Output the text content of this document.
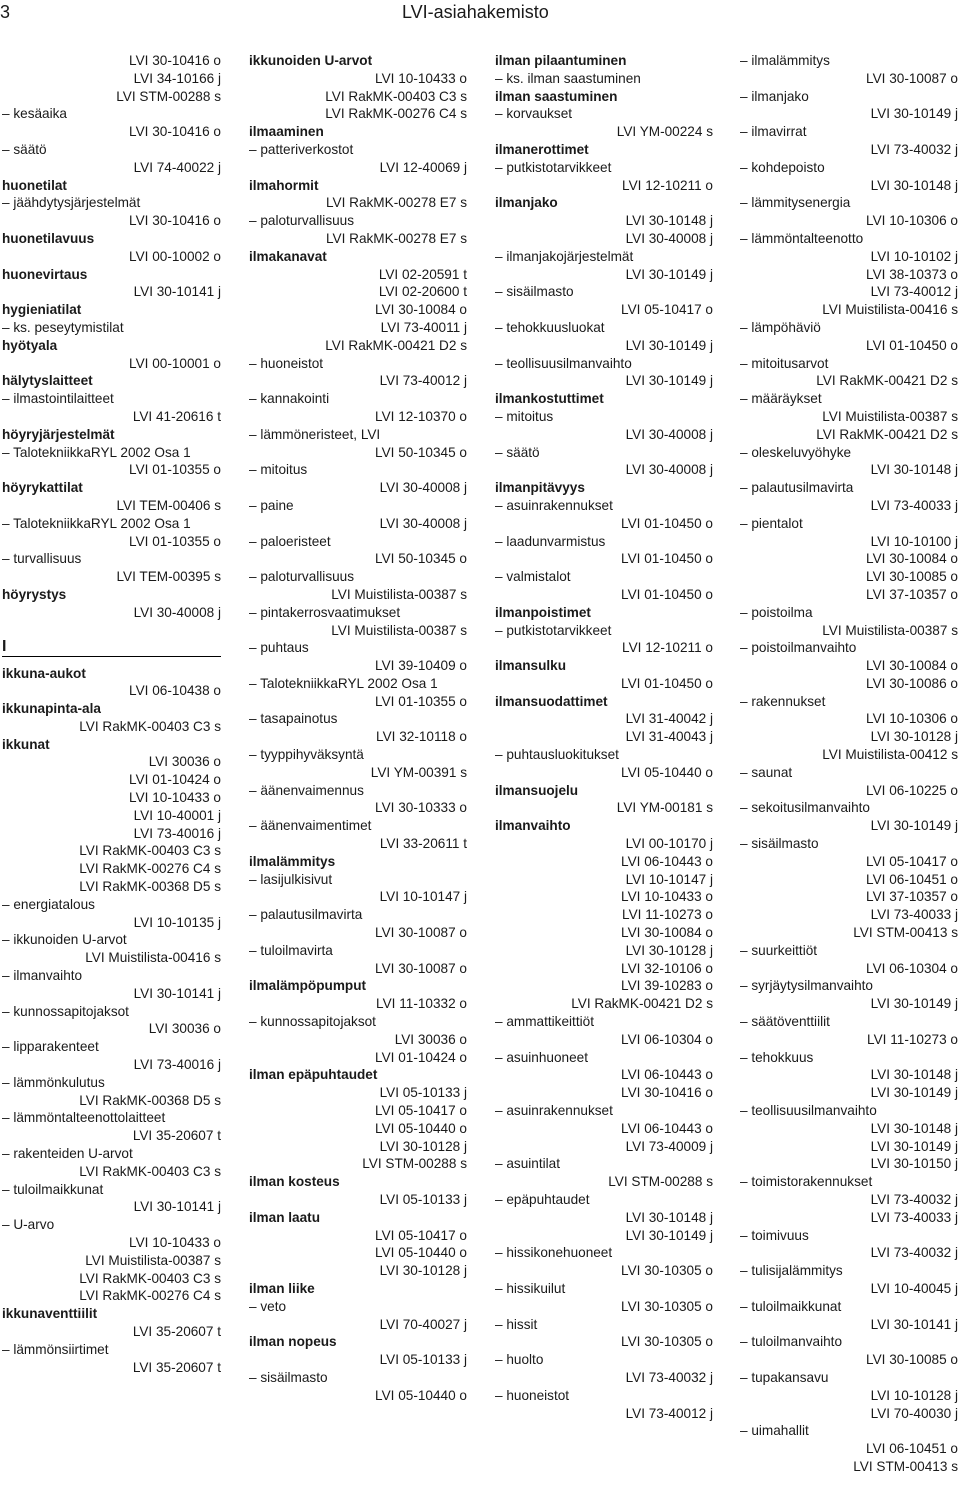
3	LVI-asiahakemisto
LVI 30-10416 o
LVI 34-10166 j
LVI STM-00288 s
– kesäaika
LVI 30-10416 o
– säätö
LVI 74-40022 j
huonetilat
– jäähdytysjärjestelmät
LVI 30-10416 o
huonetilavuus
LVI 00-10002 o
huonevirtaus
LVI 30-10141 j
hygieniatilat
– ks. peseytymistilat
hyötyala
LVI 00-10001 o
hälytyslaitteet
– ilmastointilaitteet
LVI 41-20616 t
höyryjärjestelmät
– TalotekniikkaRYL 2002 Osa 1
LVI 01-10355 o
höyrykattilat
LVI TEM-00406 s
– TalotekniikkaRYL 2002 Osa 1
LVI 01-10355 o
– turvallisuus
LVI TEM-00395 s
höyrystys
LVI 30-40008 j
I
ikkuna-aukot
LVI 06-10438 o
ikkunapinta-ala
LVI RakMK-00403 C3 s
ikkunat
LVI 30036 o
LVI 01-10424 o
LVI 10-10433 o
LVI 10-40001 j
LVI 73-40016 j
LVI RakMK-00403 C3 s
LVI RakMK-00276 C4 s
LVI RakMK-00368 D5 s
– energiatalous
LVI 10-10135 j
– ikkunoiden U-arvot
LVI Muistilista-00416 s
– ilmanvaihto
LVI 30-10141 j
– kunnossapitojaksot
LVI 30036 o
– lipparakenteet
LVI 73-40016 j
– lämmönkulutus
LVI RakMK-00368 D5 s
– lämmöntalteenottolaitteet
LVI 35-20607 t
– rakenteiden U-arvot
LVI RakMK-00403 C3 s
– tuloilmaikkunat
LVI 30-10141 j
– U-arvo
LVI 10-10433 o
LVI Muistilista-00387 s
LVI RakMK-00403 C3 s
LVI RakMK-00276 C4 s
ikkunaventtiilit
LVI 35-20607 t
– lämmönsiirtimet
LVI 35-20607 t
ikkunoiden U-arvot
LVI 10-10433 o
LVI RakMK-00403 C3 s
LVI RakMK-00276 C4 s
ilmaaminen
– patteriverkostot
LVI 12-40069 j
ilmahormit
LVI RakMK-00278 E7 s
– paloturvallisuus
LVI RakMK-00278 E7 s
ilmakanavat
LVI 02-20591 t
LVI 02-20600 t
LVI 30-10084 o
LVI 73-40011 j
LVI RakMK-00421 D2 s
– huoneistot
LVI 73-40012 j
– kannakointi
LVI 12-10370 o
– lämmöneristeet, LVI
LVI 50-10345 o
– mitoitus
LVI 30-40008 j
– paine
LVI 30-40008 j
– paloeristeet
LVI 50-10345 o
– paloturvallisuus
LVI Muistilista-00387 s
– pintakerrosvaatimukset
LVI Muistilista-00387 s
– puhtaus
LVI 39-10409 o
– TalotekniikkaRYL 2002 Osa 1
LVI 01-10355 o
– tasapainotus
LVI 32-10118 o
– tyyppihyväksyntä
LVI YM-00391 s
– äänenvaimennus
LVI 30-10333 o
– äänenvaimentimet
LVI 33-20611 t
ilmalämmitys
– lasijulkisivut
LVI 10-10147 j
– palautusilmavirta
LVI 30-10087 o
– tuloilmavirta
LVI 30-10087 o
ilmalämpöpumput
LVI 11-10332 o
– kunnossapitojaksot
LVI 30036 o
LVI 01-10424 o
ilman epäpuhtaudet
LVI 05-10133 j
LVI 05-10417 o
LVI 05-10440 o
LVI 30-10128 j
LVI STM-00288 s
ilman kosteus
LVI 05-10133 j
ilman laatu
LVI 05-10417 o
LVI 05-10440 o
LVI 30-10128 j
ilman liike
– veto
LVI 70-40027 j
ilman nopeus
LVI 05-10133 j
– sisäilmasto
LVI 05-10440 o
ilman pilaantuminen
– ks. ilman saastuminen
ilman saastuminen
– korvaukset
LVI YM-00224 s
ilmanerottimet
– putkistotarvikkeet
LVI 12-10211 o
ilmanjako
LVI 30-10148 j
LVI 30-40008 j
– ilmanjakojärjestelmät
LVI 30-10149 j
– sisäilmasto
LVI 05-10417 o
– tehokkuusluokat
LVI 30-10149 j
– teollisuusilmanvaihto
LVI 30-10149 j
ilmankostuttimet
– mitoitus
LVI 30-40008 j
– säätö
LVI 30-40008 j
ilmanpitävyys
– asuinrakennukset
LVI 01-10450 o
– laadunvarmistus
LVI 01-10450 o
– valmistalot
LVI 01-10450 o
ilmanpoistimet
– putkistotarvikkeet
LVI 12-10211 o
ilmansulku
LVI 01-10450 o
ilmansuodattimet
LVI 31-40042 j
LVI 31-40043 j
– puhtausluokitukset
LVI 05-10440 o
ilmansuojelu
LVI YM-00181 s
ilmanvaihto
LVI 00-10170 j
LVI 06-10443 o
LVI 10-10147 j
LVI 10-10433 o
LVI 11-10273 o
LVI 30-10084 o
LVI 30-10128 j
LVI 32-10106 o
LVI 39-10283 o
LVI RakMK-00421 D2 s
– ammattikeittiöt
LVI 06-10304 o
– asuinhuoneet
LVI 06-10443 o
LVI 30-10416 o
– asuinrakennukset
LVI 06-10443 o
LVI 73-40009 j
– asuintilat
LVI STM-00288 s
– epäpuhtaudet
LVI 30-10148 j
LVI 30-10149 j
– hissikonehuoneet
LVI 30-10305 o
– hissikuilut
LVI 30-10305 o
– hissit
LVI 30-10305 o
– huolto
LVI 73-40032 j
– huoneistot
LVI 73-40012 j
– ilmalämmitys
LVI 30-10087 o
– ilmanjako
LVI 30-10149 j
– ilmavirrat
LVI 73-40032 j
– kohdepoisto
LVI 30-10148 j
– lämmitysenergia
LVI 10-10306 o
– lämmöntalteenotto
LVI 10-10102 j
LVI 38-10373 o
LVI 73-40012 j
LVI Muistilista-00416 s
– lämpöhäviö
LVI 01-10450 o
– mitoitusarvot
LVI RakMK-00421 D2 s
– määräykset
LVI Muistilista-00387 s
LVI RakMK-00421 D2 s
– oleskeluvyöhyke
LVI 30-10148 j
– palautusilmavirta
LVI 73-40033 j
– pientalot
LVI 10-10100 j
LVI 30-10084 o
LVI 30-10085 o
LVI 37-10357 o
– poistoilma
LVI Muistilista-00387 s
– poistoilmanvaihto
LVI 30-10084 o
LVI 30-10086 o
– rakennukset
LVI 10-10306 o
LVI 30-10128 j
LVI Muistilista-00412 s
– saunat
LVI 06-10225 o
– sekoitusilmanvaihto
LVI 30-10149 j
– sisäilmasto
LVI 05-10417 o
LVI 06-10451 o
LVI 37-10357 o
LVI 73-40033 j
LVI STM-00413 s
– suurkeittiöt
LVI 06-10304 o
– syrjäytysilmanvaihto
LVI 30-10149 j
– säätöventtiilit
LVI 11-10273 o
– tehokkuus
LVI 30-10148 j
LVI 30-10149 j
– teollisuusilmanvaihto
LVI 30-10148 j
LVI 30-10149 j
LVI 30-10150 j
– toimistorakennukset
LVI 73-40032 j
LVI 73-40033 j
– toimivuus
LVI 73-40032 j
– tulisijalämmitys
LVI 10-40045 j
– tuloilmaikkunat
LVI 30-10141 j
– tuloilmanvaihto
LVI 30-10085 o
– tupakansavu
LVI 10-10128 j
LVI 70-40030 j
– uimahallit
LVI 06-10451 o
LVI STM-00413 s
